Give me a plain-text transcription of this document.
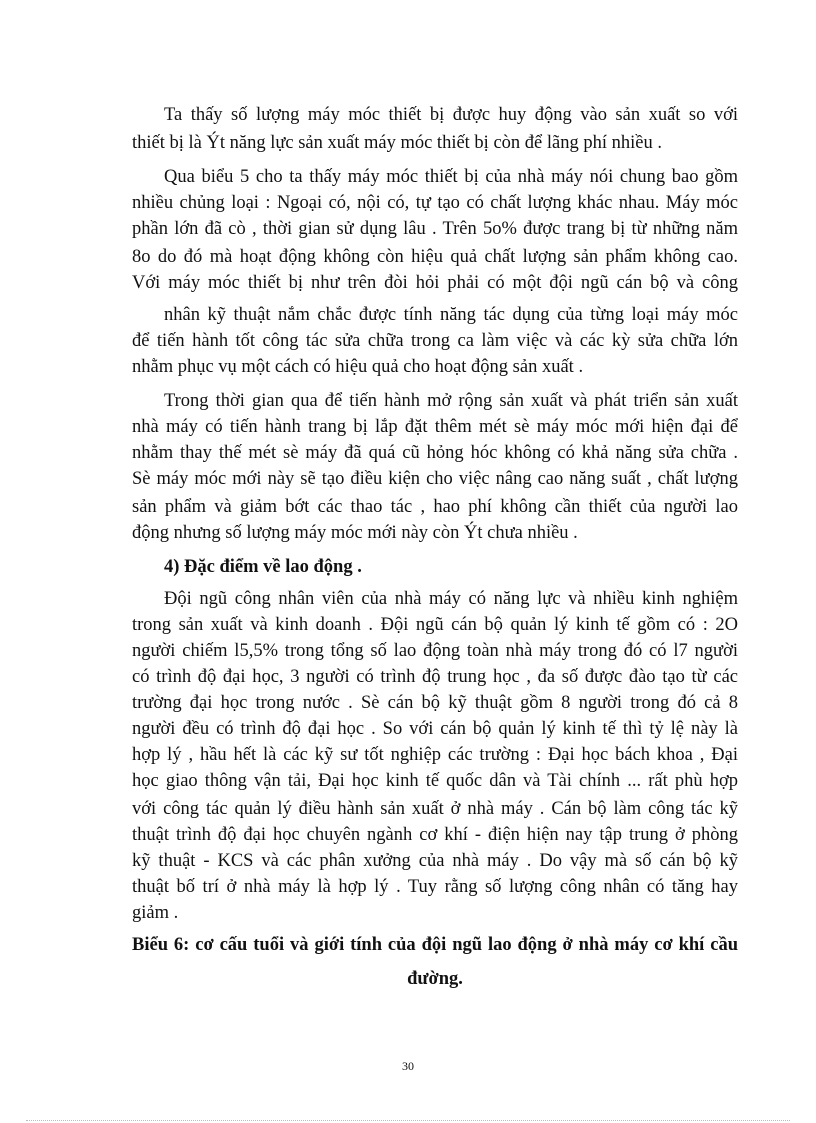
Ta thấy số lượng máy móc thiết bị được huy động vào sản xuất so với
thiết bị là Ýt năng lực sản xuất máy móc thiết bị còn để lãng phí nhiều .
Qua biểu 5 cho ta thấy máy móc thiết bị của nhà máy nói chung bao gồm
nhiều chủng loại : Ngoại có, nội có, tự tạo có chất lượng khác nhau. Máy móc
phần lớn đã cò , thời gian sử dụng lâu . Trên 5o% được trang bị từ những năm
8o do đó mà hoạt động không còn hiệu quả chất lượng sản phẩm không cao.
Với máy móc thiết bị như trên đòi hỏi phải có một đội ngũ cán bộ và công
nhân kỹ thuật nắm chắc được tính năng tác dụng của từng loại máy móc
để tiến hành tốt công tác sửa chữa trong ca làm việc và các kỳ sửa chữa lớn
nhằm phục vụ một cách có hiệu quả cho hoạt động sản xuất .
Trong thời gian qua để tiến hành mở rộng sản xuất và phát triển sản xuất
nhà máy có tiến hành trang bị lắp đặt thêm mét sè máy móc mới hiện đại để
nhằm thay thế mét sè máy đã quá cũ hỏng hóc không có khả năng sửa chữa .
Sè máy móc mới này sẽ tạo điều kiện cho việc nâng cao năng suất , chất lượng
sản phẩm và giảm bớt các thao tác , hao phí không cần thiết của người lao
động nhưng số lượng máy móc mới này còn Ýt chưa nhiều .
4) Đặc điểm về lao động .
Đội ngũ công nhân viên của nhà máy có năng lực và nhiều kinh nghiệm
trong sản xuất và kinh doanh . Đội ngũ cán bộ quản lý kinh tế gồm có : 2O
người chiếm l5,5% trong tổng số lao động toàn nhà máy trong đó có l7 người
có trình độ đại học, 3 người có trình độ trung học , đa số được đào tạo từ các
trường đại học trong nước . Sè cán bộ kỹ thuật gồm 8 người trong đó cả 8
người đều có trình độ đại học . So với cán bộ quản lý kinh tế thì tỷ lệ này là
hợp lý , hầu hết là các kỹ sư tốt nghiệp các trường : Đại học bách khoa , Đại
học giao thông vận tải, Đại học kinh tế quốc dân và Tài chính ... rất phù hợp
với công tác quản lý điều hành sản xuất ở nhà máy . Cán bộ làm công tác kỹ
thuật trình độ đại học chuyên ngành cơ khí - điện hiện nay tập trung ở phòng
kỹ thuật - KCS và các phân xưởng của nhà máy . Do vậy mà số cán bộ kỹ
thuật bố trí ở nhà máy là hợp lý . Tuy rằng số lượng công nhân có tăng hay
giảm .
Biểu 6: cơ cấu tuổi và giới tính của đội ngũ lao động ở nhà máy cơ khí cầu
đường.
30
